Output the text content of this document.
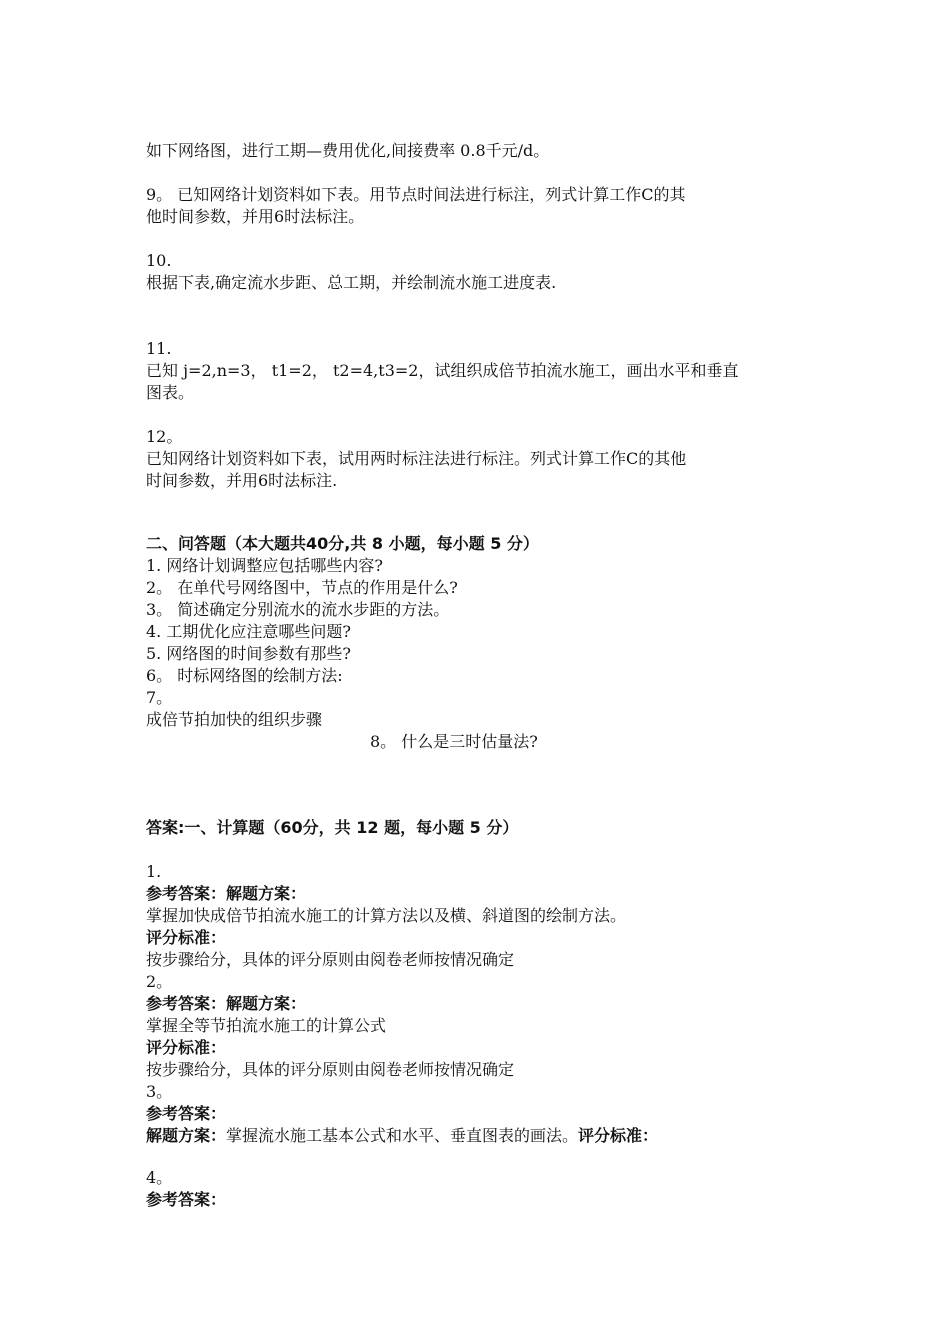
如下网络图，进行工期—费用优化,间接费率 0.8千元/d。
9。 已知网络计划资料如下表。用节点时间法进行标注，列式计算工作C的其
他时间参数，并用6时法标注。
10.
根据下表,确定流水步距、总工期，并绘制流水施工进度表.
11.
已知 j=2,n=3， t1=2， t2=4,t3=2，试组织成倍节拍流水施工，画出水平和垂直
图表。
12。
已知网络计划资料如下表，试用两时标注法进行标注。列式计算工作C的其他
时间参数，并用6时法标注.
二、问答题（本大题共40分,共 8 小题，每小题 5 分）
1. 网络计划调整应包括哪些内容?
2。 在单代号网络图中，节点的作用是什么?
3。 简述确定分别流水的流水步距的方法。
4. 工期优化应注意哪些问题?
5. 网络图的时间参数有那些?
6。 时标网络图的绘制方法:
7。
成倍节拍加快的组织步骤
8。 什么是三时估量法?
答案:一、计算题（60分，共 12 题，每小题 5 分）
1.
参考答案：解题方案：
掌握加快成倍节拍流水施工的计算方法以及横、斜道图的绘制方法。
评分标准：
按步骤给分，具体的评分原则由阅卷老师按情况确定
2。
参考答案：解题方案：
掌握全等节拍流水施工的计算公式
评分标准：
按步骤给分，具体的评分原则由阅卷老师按情况确定
3。
参考答案：
解题方案：掌握流水施工基本公式和水平、垂直图表的画法。评分标准：
4。
参考答案：
